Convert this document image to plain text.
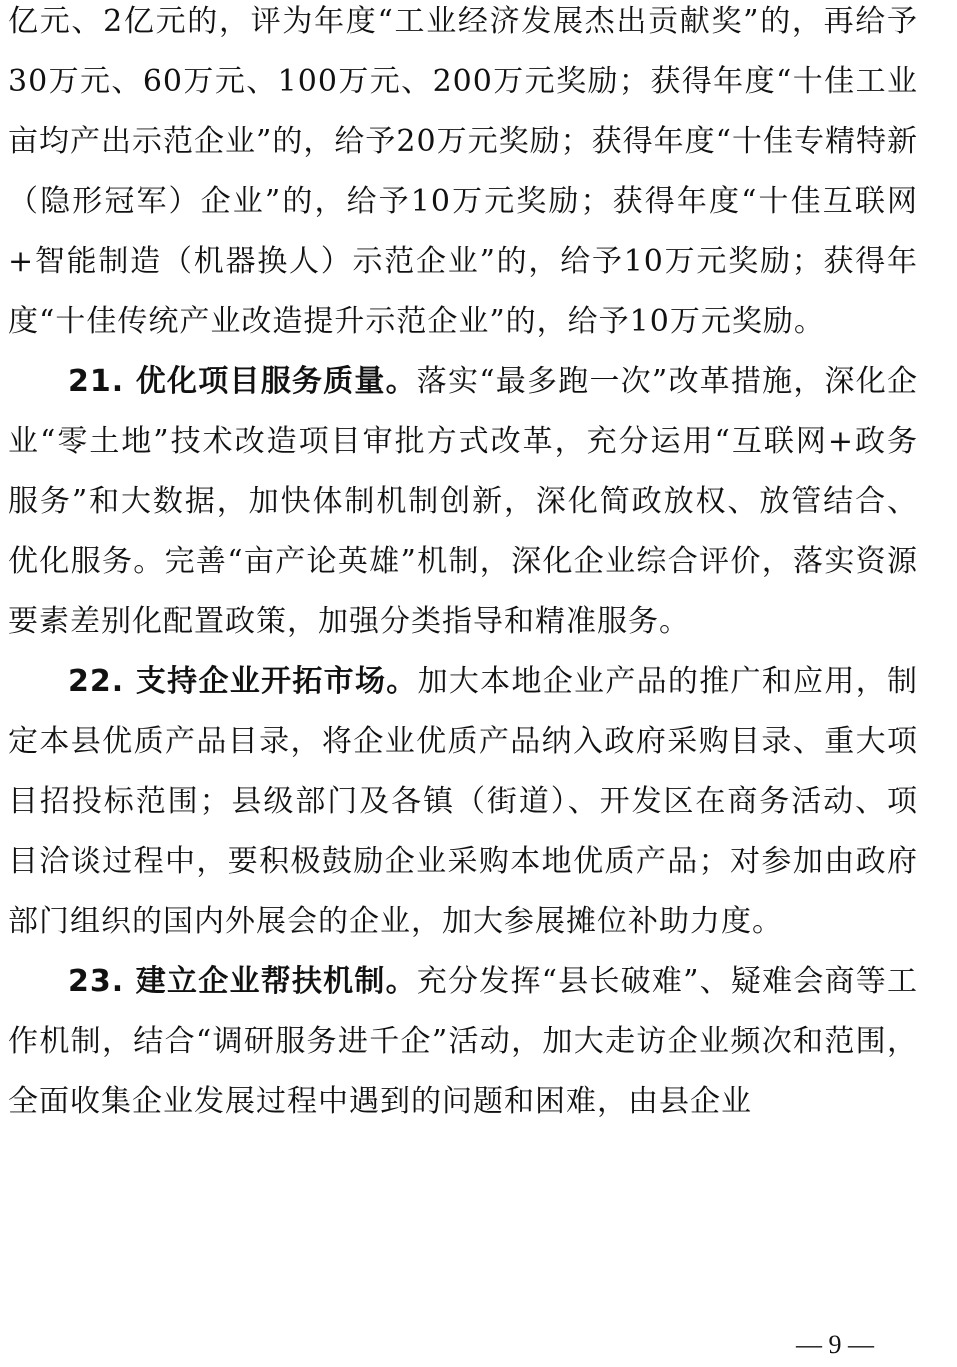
亿元、2亿元的，评为年度“工业经济发展杰出贡献奖”的，再给予30万元、60万元、100万元、200万元奖励；获得年度“十佳工业亩均产出示范企业”的，给予20万元奖励；获得年度“十佳专精特新（隐形冠军）企业”的，给予10万元奖励；获得年度“十佳互联网+智能制造（机器换人）示范企业”的，给予10万元奖励；获得年度“十佳传统产业改造提升示范企业”的，给予10万元奖励。

21. 优化项目服务质量。落实“最多跑一次”改革措施，深化企业“零土地”技术改造项目审批方式改革，充分运用“互联网+政务服务”和大数据，加快体制机制创新，深化简政放权、放管结合、优化服务。完善“亩产论英雄”机制，深化企业综合评价，落实资源要素差别化配置政策，加强分类指导和精准服务。

22. 支持企业开拓市场。加大本地企业产品的推广和应用，制定本县优质产品目录，将企业优质产品纳入政府采购目录、重大项目招投标范围；县级部门及各镇（街道）、开发区在商务活动、项目洽谈过程中，要积极鼓励企业采购本地优质产品；对参加由政府部门组织的国内外展会的企业，加大参展摊位补助力度。

23. 建立企业帮扶机制。充分发挥“县长破难”、疑难会商等工作机制，结合“调研服务进千企”活动，加大走访企业频次和范围，全面收集企业发展过程中遇到的问题和困难，由县企业

— 9 —
